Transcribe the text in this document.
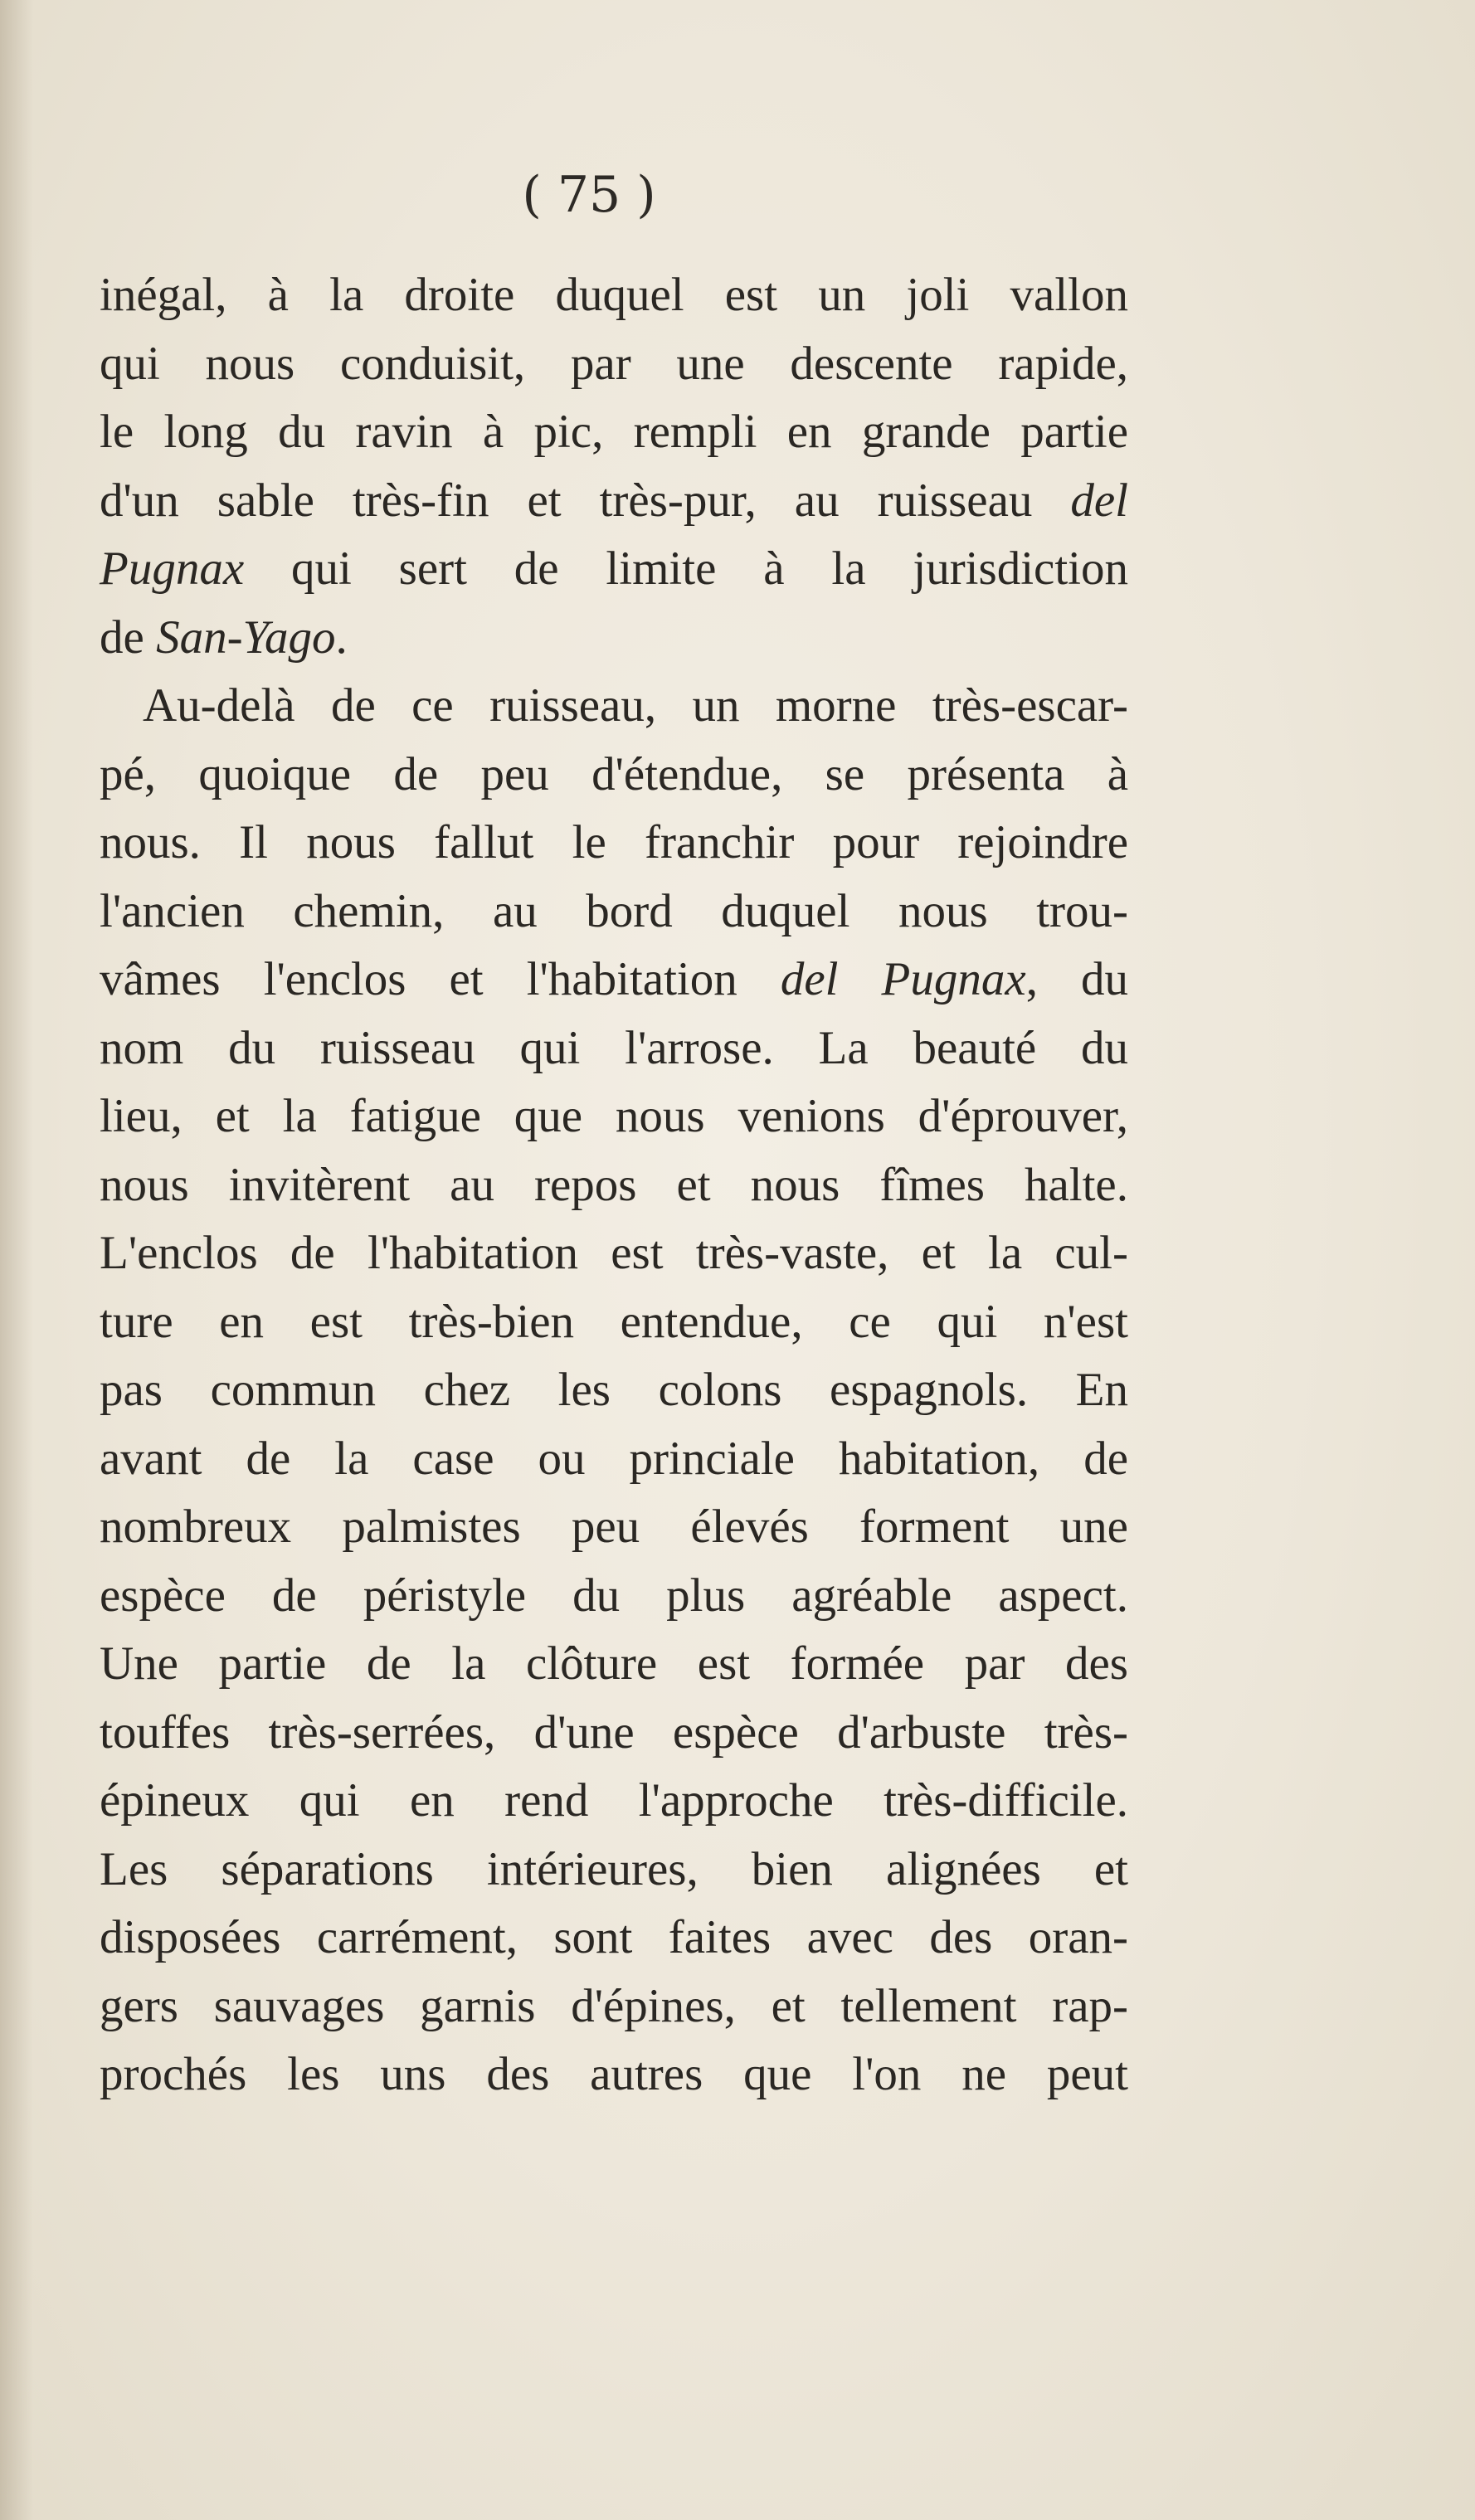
( 75 )
inégal, à la droite duquel est un joli vallon
qui nous conduisit, par une descente rapide,
le long du ravin à pic, rempli en grande partie
d'un sable très-fin et très-pur, au ruisseau del
Pugnax qui sert de limite à la jurisdiction
de San-Yago.
Au-delà de ce ruisseau, un morne très-escar-
pé, quoique de peu d'étendue, se présenta à
nous. Il nous fallut le franchir pour rejoindre
l'ancien chemin, au bord duquel nous trou-
vâmes l'enclos et l'habitation del Pugnax, du
nom du ruisseau qui l'arrose. La beauté du
lieu, et la fatigue que nous venions d'éprouver,
nous invitèrent au repos et nous fîmes halte.
L'enclos de l'habitation est très-vaste, et la cul-
ture en est très-bien entendue, ce qui n'est
pas commun chez les colons espagnols. En
avant de la case ou princiale habitation, de
nombreux palmistes peu élevés forment une
espèce de péristyle du plus agréable aspect.
Une partie de la clôture est formée par des
touffes très-serrées, d'une espèce d'arbuste très-
épineux qui en rend l'approche très-difficile.
Les séparations intérieures, bien alignées et
disposées carrément, sont faites avec des oran-
gers sauvages garnis d'épines, et tellement rap-
prochés les uns des autres que l'on ne peut
